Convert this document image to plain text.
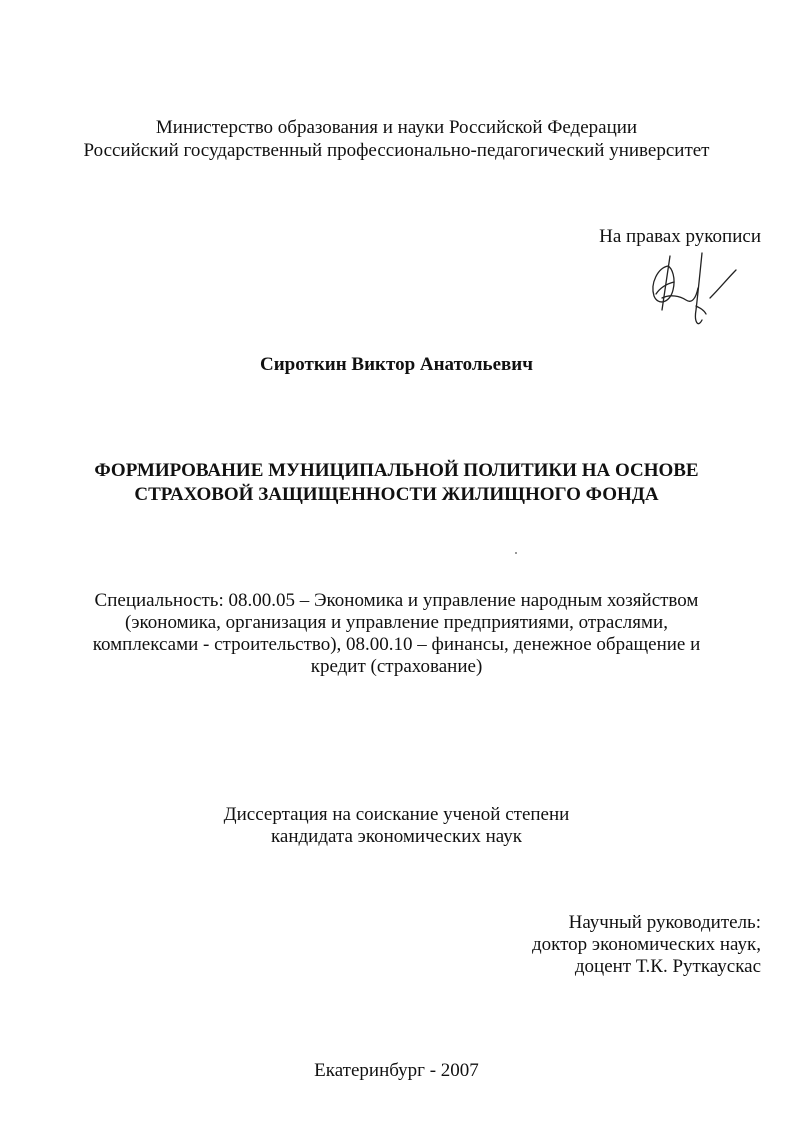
Министерство образования и науки Российской Федерации
Российский государственный профессионально-педагогический университет
На правах рукописи
Сироткин Виктор Анатольевич
ФОРМИРОВАНИЕ МУНИЦИПАЛЬНОЙ ПОЛИТИКИ НА ОСНОВЕ
СТРАХОВОЙ ЗАЩИЩЕННОСТИ ЖИЛИЩНОГО ФОНДА
Специальность: 08.00.05 – Экономика и управление народным хозяйством
(экономика, организация и управление предприятиями, отраслями,
комплексами - строительство), 08.00.10 – финансы, денежное обращение и
кредит (страхование)
Диссертация на соискание ученой степени
кандидата экономических наук
Научный руководитель:
доктор экономических наук,
доцент Т.К. Руткаускас
Екатеринбург - 2007
